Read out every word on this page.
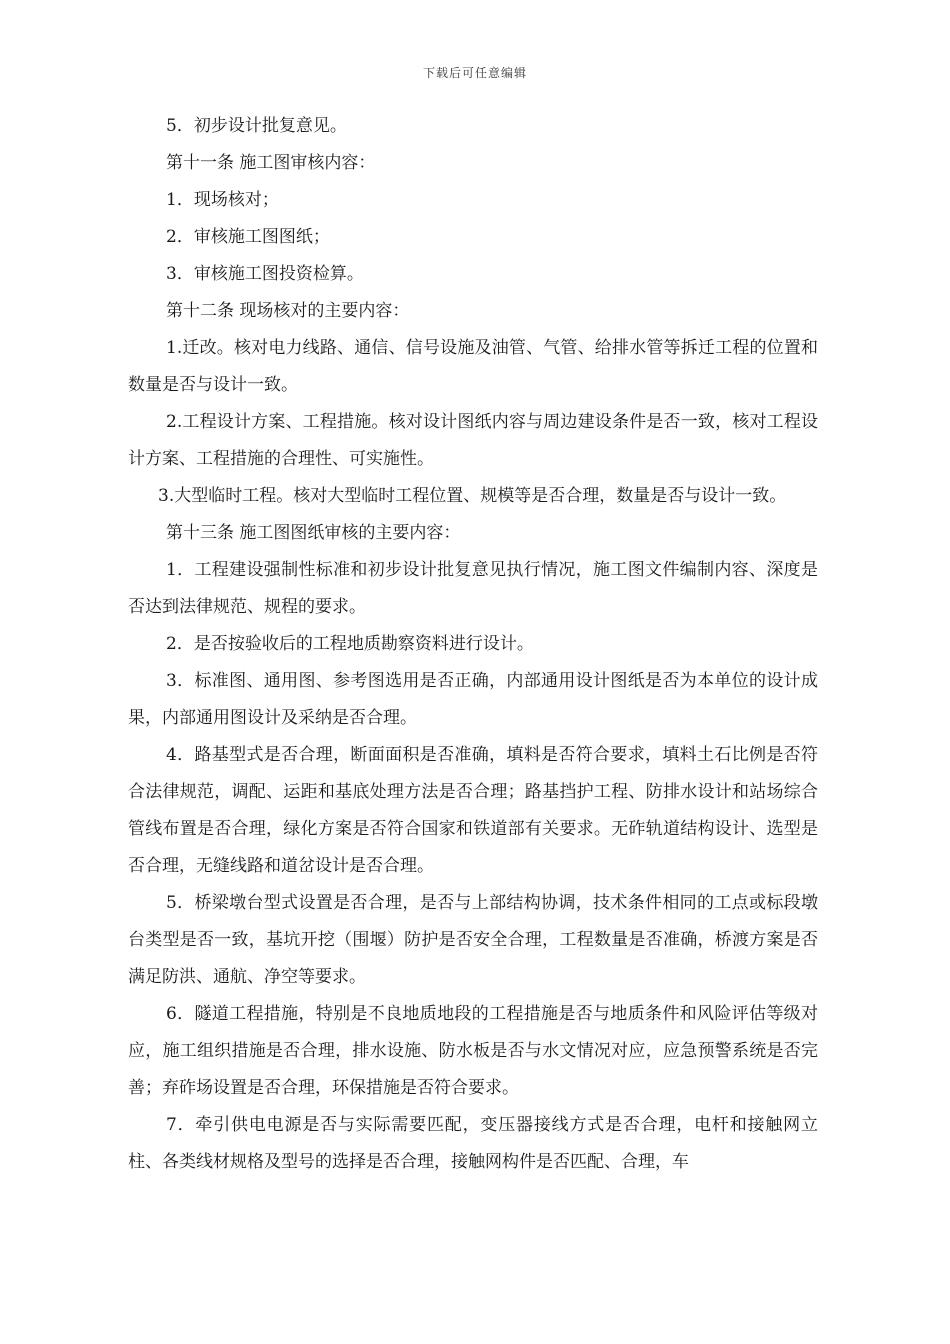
下载后可任意编辑

5．初步设计批复意见。

第十一条 施工图审核内容：

1．现场核对；

2．审核施工图图纸；

3．审核施工图投资检算。

第十二条 现场核对的主要内容：

1.迁改。核对电力线路、通信、信号设施及油管、气管、给排水管等拆迁工程的位置和数量是否与设计一致。

2.工程设计方案、工程措施。核对设计图纸内容与周边建设条件是否一致，核对工程设计方案、工程措施的合理性、可实施性。

3.大型临时工程。核对大型临时工程位置、规模等是否合理，数量是否与设计一致。

第十三条 施工图图纸审核的主要内容：

1．工程建设强制性标准和初步设计批复意见执行情况，施工图文件编制内容、深度是否达到法律规范、规程的要求。

2．是否按验收后的工程地质勘察资料进行设计。

3．标准图、通用图、参考图选用是否正确，内部通用设计图纸是否为本单位的设计成果，内部通用图设计及采纳是否合理。

4．路基型式是否合理，断面面积是否准确，填料是否符合要求，填料土石比例是否符合法律规范，调配、运距和基底处理方法是否合理；路基挡护工程、防排水设计和站场综合管线布置是否合理，绿化方案是否符合国家和铁道部有关要求。无砟轨道结构设计、选型是否合理，无缝线路和道岔设计是否合理。

5．桥梁墩台型式设置是否合理，是否与上部结构协调，技术条件相同的工点或标段墩台类型是否一致，基坑开挖（围堰）防护是否安全合理，工程数量是否准确，桥渡方案是否满足防洪、通航、净空等要求。

6．隧道工程措施，特别是不良地质地段的工程措施是否与地质条件和风险评估等级对应，施工组织措施是否合理，排水设施、防水板是否与水文情况对应，应急预警系统是否完善；弃砟场设置是否合理，环保措施是否符合要求。

7．牵引供电电源是否与实际需要匹配，变压器接线方式是否合理，电杆和接触网立柱、各类线材规格及型号的选择是否合理，接触网构件是否匹配、合理，车
